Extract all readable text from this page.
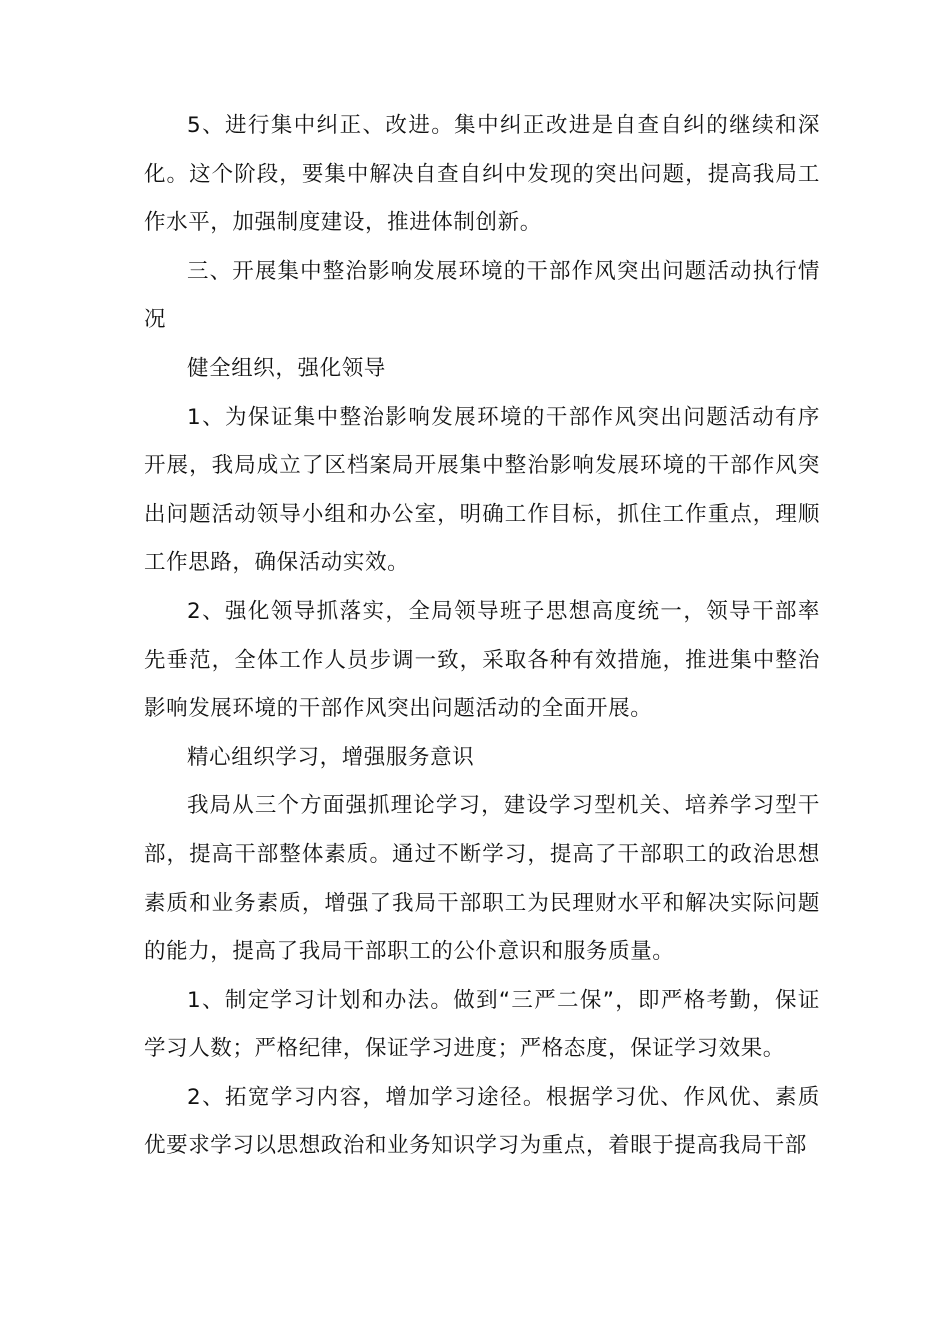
5、进行集中纠正、改进。集中纠正改进是自查自纠的继续和深化。这个阶段，要集中解决自查自纠中发现的突出问题，提高我局工作水平，加强制度建设，推进体制创新。

三、开展集中整治影响发展环境的干部作风突出问题活动执行情况

健全组织，强化领导

1、为保证集中整治影响发展环境的干部作风突出问题活动有序开展，我局成立了区档案局开展集中整治影响发展环境的干部作风突出问题活动领导小组和办公室，明确工作目标，抓住工作重点，理顺工作思路，确保活动实效。

2、强化领导抓落实，全局领导班子思想高度统一，领导干部率先垂范，全体工作人员步调一致，采取各种有效措施，推进集中整治影响发展环境的干部作风突出问题活动的全面开展。

精心组织学习，增强服务意识

我局从三个方面强抓理论学习，建设学习型机关、培养学习型干部，提高干部整体素质。通过不断学习，提高了干部职工的政治思想素质和业务素质，增强了我局干部职工为民理财水平和解决实际问题的能力，提高了我局干部职工的公仆意识和服务质量。

1、制定学习计划和办法。做到“三严二保”，即严格考勤，保证学习人数；严格纪律，保证学习进度；严格态度，保证学习效果。

2、拓宽学习内容，增加学习途径。根据学习优、作风优、素质优要求学习以思想政治和业务知识学习为重点，着眼于提高我局干部
